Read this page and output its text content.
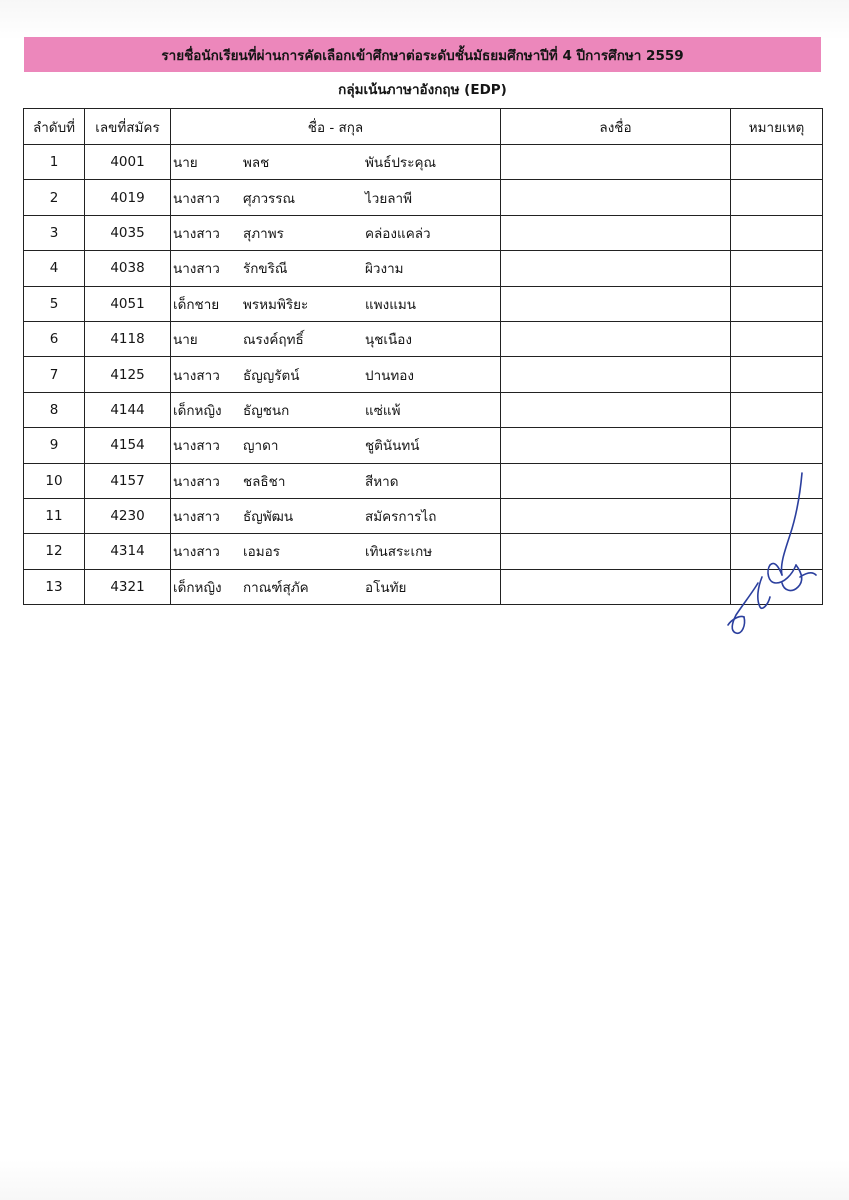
รายชื่อนักเรียนที่ผ่านการคัดเลือกเข้าศึกษาต่อระดับชั้นมัธยมศึกษาปีที่ 4 ปีการศึกษา 2559
กลุ่มเน้นภาษาอังกฤษ (EDP)
ลำดับที่	เลขที่สมัคร	ชื่อ - สกุล	ลงชื่อ	หมายเหตุ
1	4001	นาย พลช พันธ์ประคุณ		

2	4019	นางสาว ศุภวรรณ ไวยลาพี		

3	4035	นางสาว สุภาพร คล่องแคล่ว		

4	4038	นางสาว รักขริณี ผิวงาม		

5	4051	เด็กชาย พรหมพิริยะ แพงแมน		

6	4118	นาย ณรงค์ฤทธิ์ นุชเนือง		

7	4125	นางสาว ธัญญรัตน์ ปานทอง		

8	4144	เด็กหญิง ธัญชนก แซ่แพ้		

9	4154	นางสาว ญาดา ชูตินันทน์		

10	4157	นางสาว ชลธิชา สีหาด		

11	4230	นางสาว ธัญพัฒน สมัครการไถ		

12	4314	นางสาว เอมอร เทินสระเกษ		

13	4321	เด็กหญิง กาณฑ์สุภัค อโนทัย		
